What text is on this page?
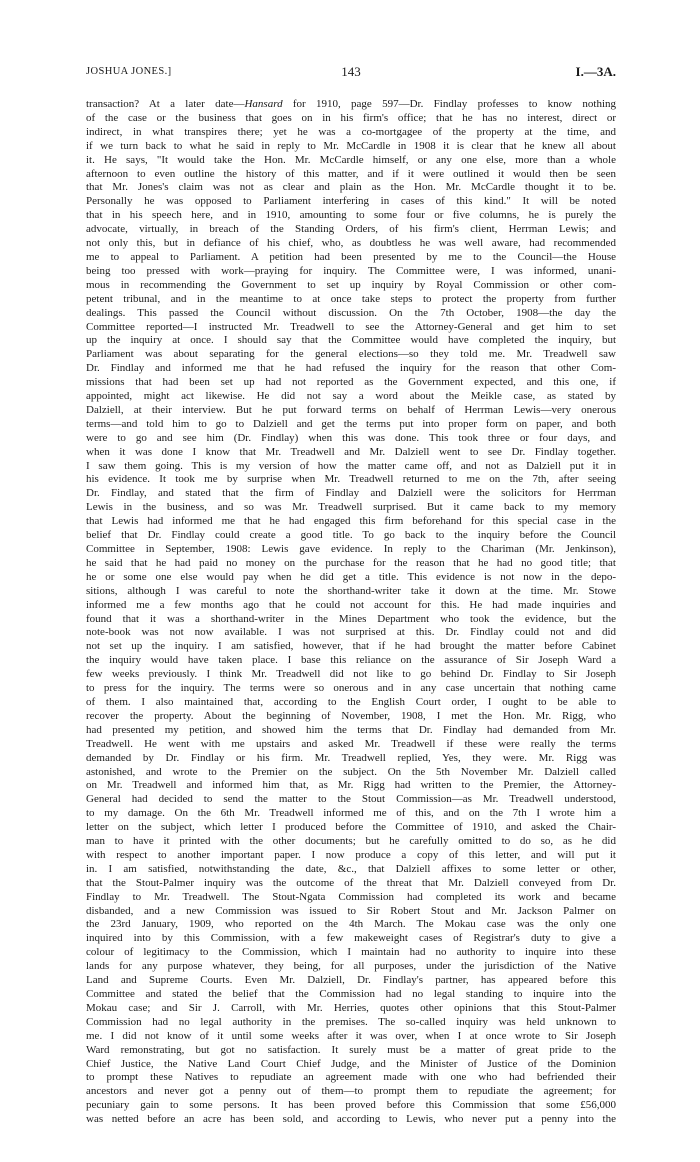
JOSHUA JONES.]	143	I.—3A.
transaction? At a later date—Hansard for 1910, page 597—Dr. Findlay professes to know nothing
of the case or the business that goes on in his firm's office; that he has no interest, direct or
indirect, in what transpires there; yet he was a co-mortgagee of the property at the time, and
if we turn back to what he said in reply to Mr. McCardle in 1908 it is clear that he knew all about
it. He says, "It would take the Hon. Mr. McCardle himself, or any one else, more than a whole
afternoon to even outline the history of this matter, and if it were outlined it would then be seen
that Mr. Jones's claim was not as clear and plain as the Hon. Mr. McCardle thought it to be.
Personally he was opposed to Parliament interfering in cases of this kind." It will be noted
that in his speech here, and in 1910, amounting to some four or five columns, he is purely the
advocate, virtually, in breach of the Standing Orders, of his firm's client, Herrman Lewis; and
not only this, but in defiance of his chief, who, as doubtless he was well aware, had recommended
me to appeal to Parliament. A petition had been presented by me to the Council—the House
being too pressed with work—praying for inquiry. The Committee were, I was informed, unani-
mous in recommending the Government to set up inquiry by Royal Commission or other com-
petent tribunal, and in the meantime to at once take steps to protect the property from further
dealings. This passed the Council without discussion. On the 7th October, 1908—the day the
Committee reported—I instructed Mr. Treadwell to see the Attorney-General and get him to set
up the inquiry at once. I should say that the Committee would have completed the inquiry, but
Parliament was about separating for the general elections—so they told me. Mr. Treadwell saw
Dr. Findlay and informed me that he had refused the inquiry for the reason that other Com-
missions that had been set up had not reported as the Government expected, and this one, if
appointed, might act likewise. He did not say a word about the Meikle case, as stated by
Dalziell, at their interview. But he put forward terms on behalf of Herrman Lewis—very onerous
terms—and told him to go to Dalziell and get the terms put into proper form on paper, and both
were to go and see him (Dr. Findlay) when this was done. This took three or four days, and
when it was done I know that Mr. Treadwell and Mr. Dalziell went to see Dr. Findlay together.
I saw them going. This is my version of how the matter came off, and not as Dalziell put it in
his evidence. It took me by surprise when Mr. Treadwell returned to me on the 7th, after seeing
Dr. Findlay, and stated that the firm of Findlay and Dalziell were the solicitors for Herrman
Lewis in the business, and so was Mr. Treadwell surprised. But it came back to my memory
that Lewis had informed me that he had engaged this firm beforehand for this special case in the
belief that Dr. Findlay could create a good title. To go back to the inquiry before the Council
Committee in September, 1908: Lewis gave evidence. In reply to the Chariman (Mr. Jenkinson),
he said that he had paid no money on the purchase for the reason that he had no good title; that
he or some one else would pay when he did get a title. This evidence is not now in the depo-
sitions, although I was careful to note the shorthand-writer take it down at the time. Mr. Stowe
informed me a few months ago that he could not account for this. He had made inquiries and
found that it was a shorthand-writer in the Mines Department who took the evidence, but the
note-book was not now available. I was not surprised at this. Dr. Findlay could not and did
not set up the inquiry. I am satisfied, however, that if he had brought the matter before Cabinet
the inquiry would have taken place. I base this reliance on the assurance of Sir Joseph Ward a
few weeks previously. I think Mr. Treadwell did not like to go behind Dr. Findlay to Sir Joseph
to press for the inquiry. The terms were so onerous and in any case uncertain that nothing came
of them. I also maintained that, according to the English Court order, I ought to be able to
recover the property. About the beginning of November, 1908, I met the Hon. Mr. Rigg, who
had presented my petition, and showed him the terms that Dr. Findlay had demanded from Mr.
Treadwell. He went with me upstairs and asked Mr. Treadwell if these were really the terms
demanded by Dr. Findlay or his firm. Mr. Treadwell replied, Yes, they were. Mr. Rigg was
astonished, and wrote to the Premier on the subject. On the 5th November Mr. Dalziell called
on Mr. Treadwell and informed him that, as Mr. Rigg had written to the Premier, the Attorney-
General had decided to send the matter to the Stout Commission—as Mr. Treadwell understood,
to my damage. On the 6th Mr. Treadwell informed me of this, and on the 7th I wrote him a
letter on the subject, which letter I produced before the Committee of 1910, and asked the Chair-
man to have it printed with the other documents; but he carefully omitted to do so, as he did
with respect to another important paper. I now produce a copy of this letter, and will put it
in. I am satisfied, notwithstanding the date, &c., that Dalziell affixes to some letter or other,
that the Stout-Palmer inquiry was the outcome of the threat that Mr. Dalziell conveyed from Dr.
Findlay to Mr. Treadwell. The Stout-Ngata Commission had completed its work and became
disbanded, and a new Commission was issued to Sir Robert Stout and Mr. Jackson Palmer on
the 23rd January, 1909, who reported on the 4th March. The Mokau case was the only one
inquired into by this Commission, with a few makeweight cases of Registrar's duty to give a
colour of legitimacy to the Commission, which I maintain had no authority to inquire into these
lands for any purpose whatever, they being, for all purposes, under the jurisdiction of the Native
Land and Supreme Courts. Even Mr. Dalziell, Dr. Findlay's partner, has appeared before this
Committee and stated the belief that the Commission had no legal standing to inquire into the
Mokau case; and Sir J. Carroll, with Mr. Herries, quotes other opinions that this Stout-Palmer
Commission had no legal authority in the premises. The so-called inquiry was held unknown to
me. I did not know of it until some weeks after it was over, when I at once wrote to Sir Joseph
Ward remonstrating, but got no satisfaction. It surely must be a matter of great pride to the
Chief Justice, the Native Land Court Chief Judge, and the Minister of Justice of the Dominion
to prompt these Natives to repudiate an agreement made with one who had befriended their
ancestors and never got a penny out of them—to prompt them to repudiate the agreement; for
pecuniary gain to some persons. It has been proved before this Commission that some £56,000
was netted before an acre has been sold, and according to Lewis, who never put a penny into the
